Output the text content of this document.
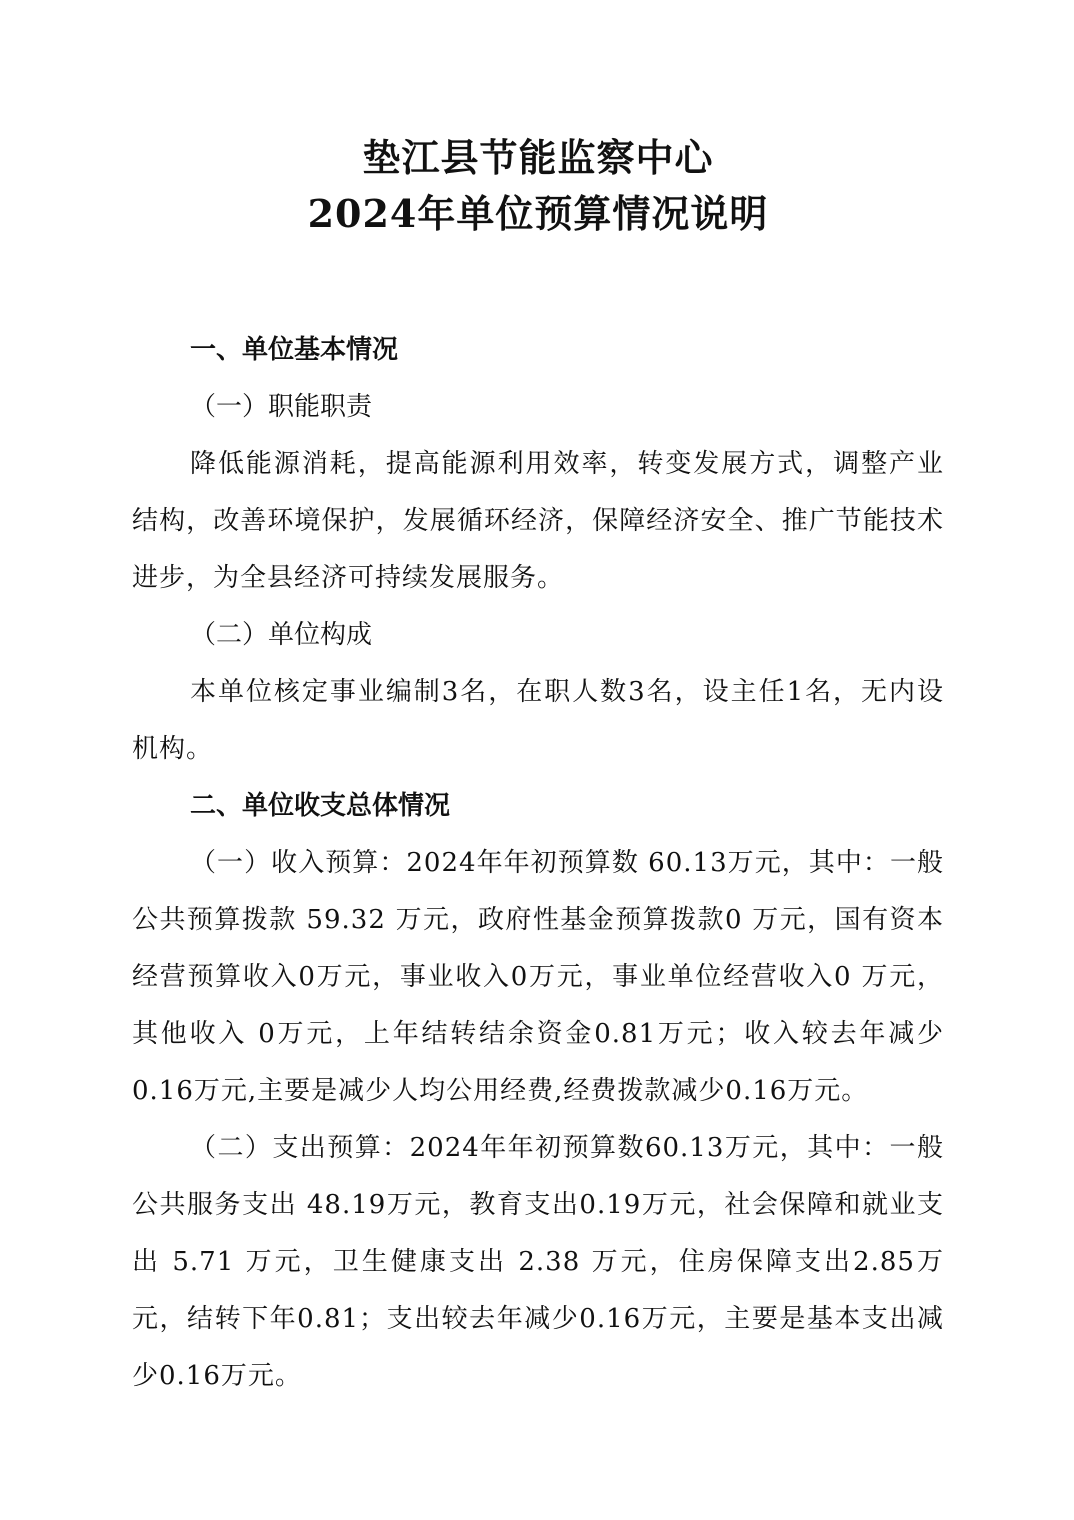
垫江县节能监察中心
2024年单位预算情况说明
一、单位基本情况

（一）职能职责

降低能源消耗，提高能源利用效率，转变发展方式，调整产业结构，改善环境保护，发展循环经济，保障经济安全、推广节能技术进步，为全县经济可持续发展服务。

（二）单位构成

本单位核定事业编制3名，在职人数3名，设主任1名，无内设机构。

二、单位收支总体情况

（一）收入预算：2024年年初预算数 60.13万元，其中：一般公共预算拨款 59.32 万元，政府性基金预算拨款0 万元，国有资本经营预算收入0万元，事业收入0万元，事业单位经营收入0 万元，其他收入 0万元，上年结转结余资金0.81万元；收入较去年减少0.16万元,主要是减少人均公用经费,经费拨款减少0.16万元。

（二）支出预算：2024年年初预算数60.13万元，其中：一般公共服务支出 48.19万元，教育支出0.19万元，社会保障和就业支出 5.71 万元，卫生健康支出 2.38 万元，住房保障支出2.85万元，结转下年0.81；支出较去年减少0.16万元，主要是基本支出减少0.16万元。
